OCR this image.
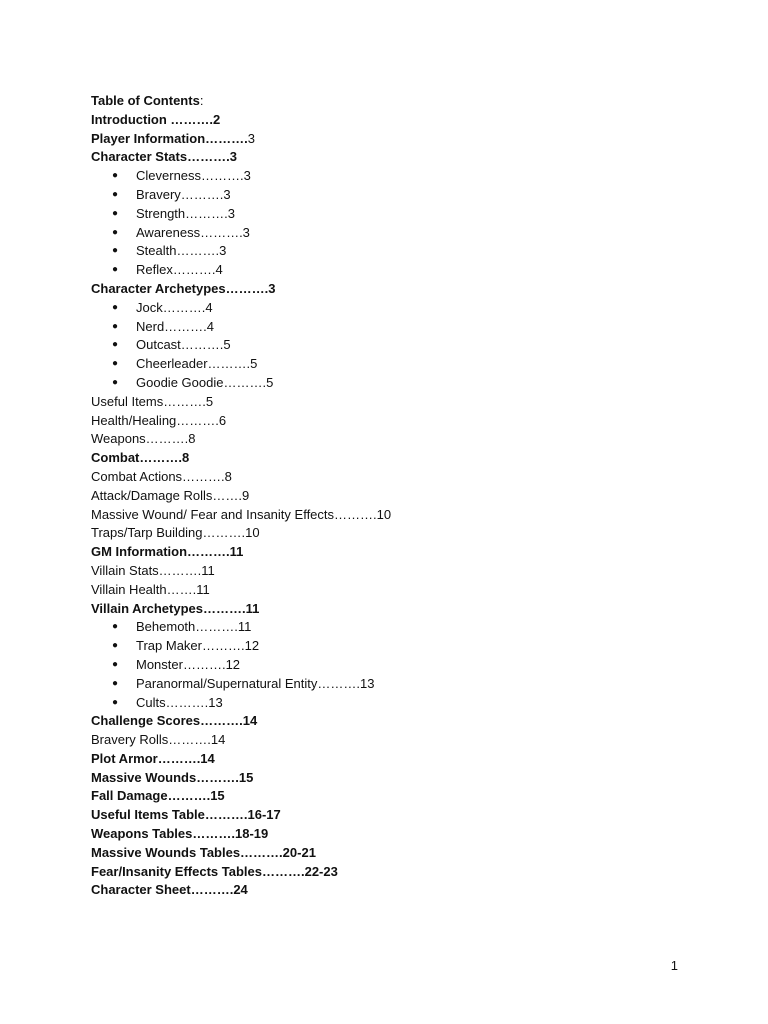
Table of Contents:
Introduction ……….2
Player Information……….3
Character Stats……….3
● Cleverness……….3
● Bravery……….3
● Strength……….3
● Awareness……….3
● Stealth……….3
● Reflex……….4
Character Archetypes……….3
● Jock……….4
● Nerd……….4
● Outcast……….5
● Cheerleader……….5
● Goodie Goodie……….5
Useful Items……….5
Health/Healing……….6
Weapons……….8
Combat……….8
Combat Actions……….8
Attack/Damage Rolls…….9
Massive Wound/ Fear and Insanity Effects……….10
Traps/Tarp Building……….10
GM Information……….11
Villain Stats……….11
Villain Health…….11
Villain Archetypes……….11
● Behemoth……….11
● Trap Maker……….12
● Monster……….12
● Paranormal/Supernatural Entity……….13
● Cults……….13
Challenge Scores……….14
Bravery Rolls……….14
Plot Armor……….14
Massive Wounds……….15
Fall Damage……….15
Useful Items Table……….16-17
Weapons Tables……….18-19
Massive Wounds Tables……….20-21
Fear/Insanity Effects Tables……….22-23
Character Sheet……….24
1
